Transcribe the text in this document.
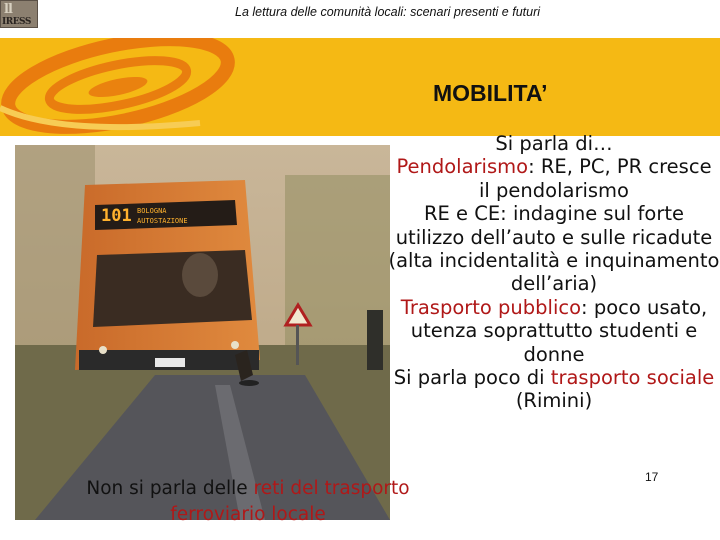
ll
IRESS
La lettura delle comunità locali: scenari presenti e futuri
MOBILITA’
101 BOLOGNA
AUTOSTAZIONE

Si parla di…

Pendolarismo: RE, PC, PR cresce il pendolarismo

RE e CE: indagine sul forte utilizzo dell’auto e sulle ricadute (alta incidentalità e inquinamento dell’aria)

Trasporto pubblico: poco usato, utenza soprattutto studenti e donne

Si parla poco di trasporto sociale
(Rimini)

Non si parla delle reti del trasporto
ferroviario locale
17
